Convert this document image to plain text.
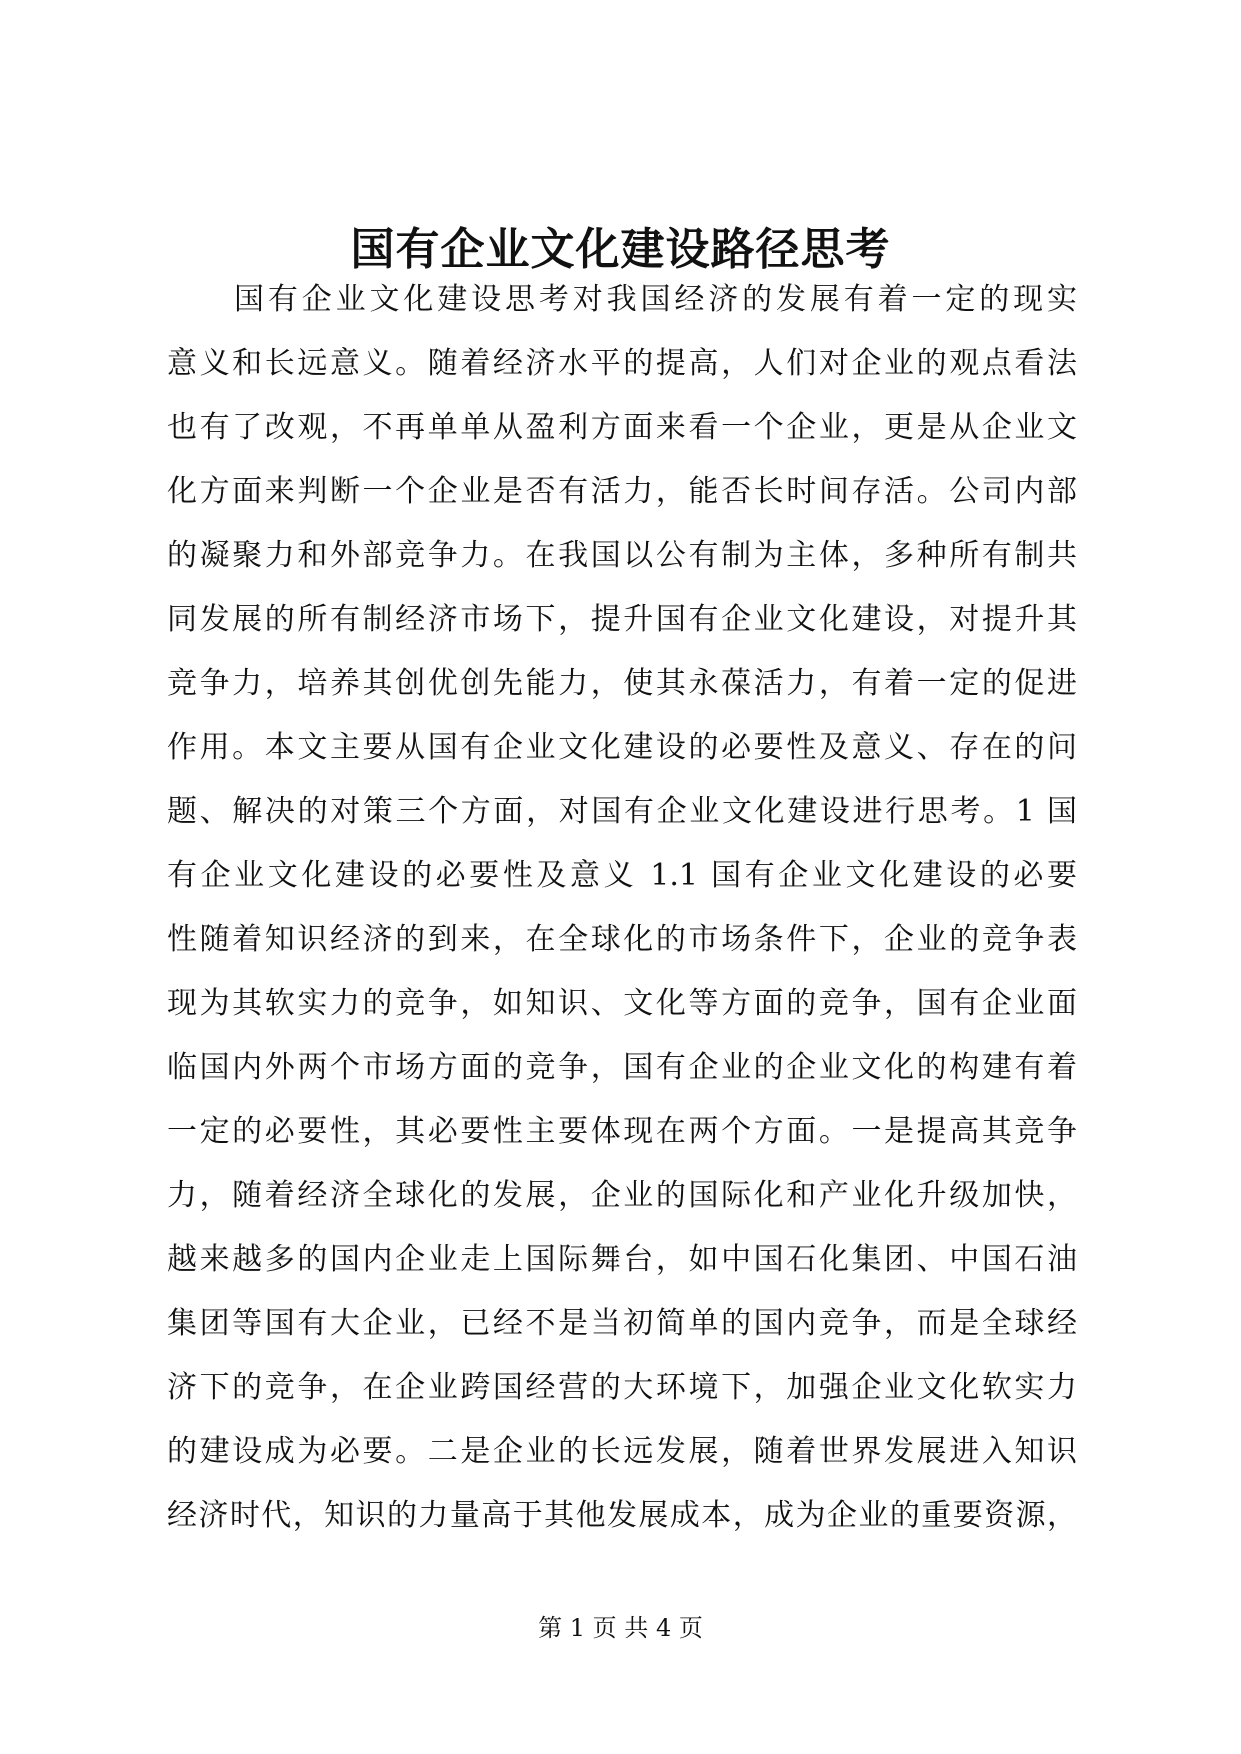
国有企业文化建设路径思考
国有企业文化建设思考对我国经济的发展有着一定的现实
意义和长远意义。随着经济水平的提高，人们对企业的观点看法
也有了改观，不再单单从盈利方面来看一个企业，更是从企业文
化方面来判断一个企业是否有活力，能否长时间存活。公司内部
的凝聚力和外部竞争力。在我国以公有制为主体，多种所有制共
同发展的所有制经济市场下，提升国有企业文化建设，对提升其
竞争力，培养其创优创先能力，使其永葆活力，有着一定的促进
作用。本文主要从国有企业文化建设的必要性及意义、存在的问
题、解决的对策三个方面，对国有企业文化建设进行思考。1 国
有企业文化建设的必要性及意义 1.1 国有企业文化建设的必要
性随着知识经济的到来，在全球化的市场条件下，企业的竞争表
现为其软实力的竞争，如知识、文化等方面的竞争，国有企业面
临国内外两个市场方面的竞争，国有企业的企业文化的构建有着
一定的必要性，其必要性主要体现在两个方面。一是提高其竞争
力，随着经济全球化的发展，企业的国际化和产业化升级加快，
越来越多的国内企业走上国际舞台，如中国石化集团、中国石油
集团等国有大企业，已经不是当初简单的国内竞争，而是全球经
济下的竞争，在企业跨国经营的大环境下，加强企业文化软实力
的建设成为必要。二是企业的长远发展，随着世界发展进入知识
经济时代，知识的力量高于其他发展成本，成为企业的重要资源，
第 1 页 共 4 页
